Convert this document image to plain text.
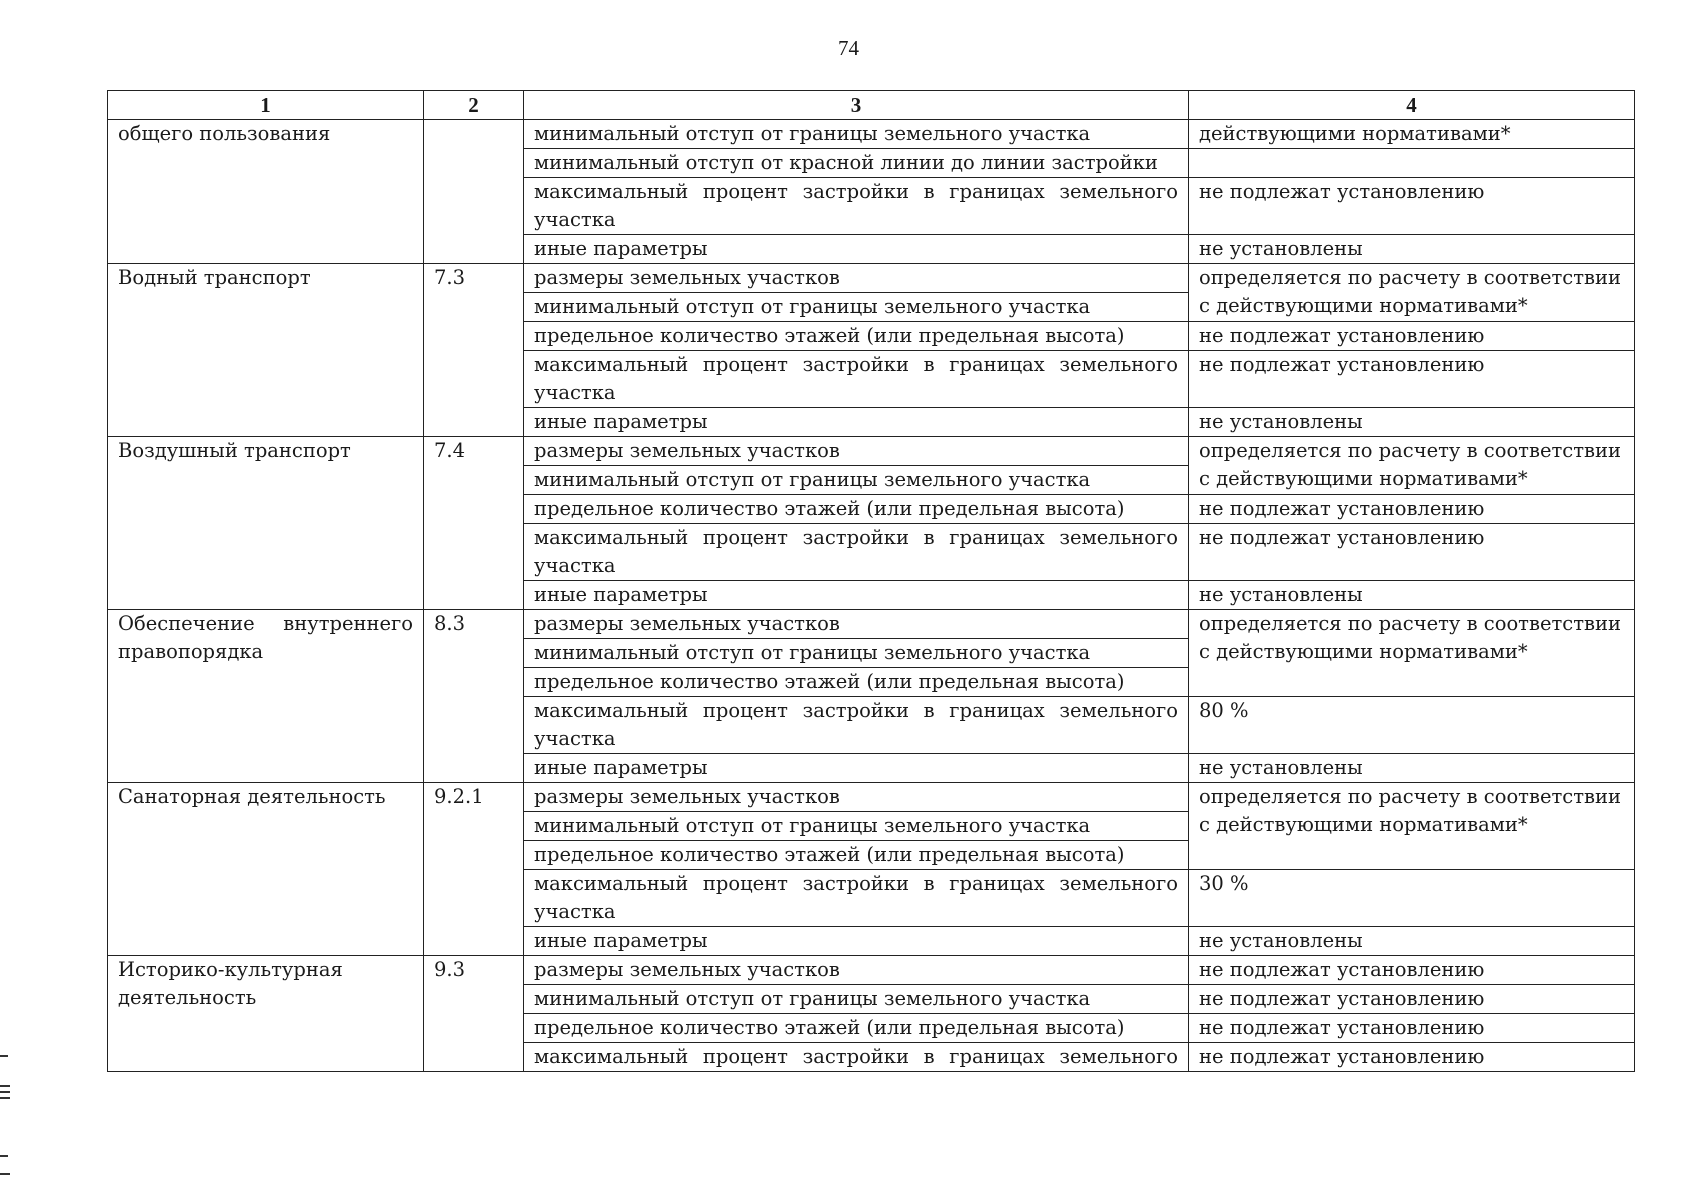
74
1	2	3	4
общего пользования		минимальный отступ от границы земельного участка	действующими нормативами*
		минимальный отступ от красной линии до линии застройки	
		максимальный процент застройки в границах земельного участка	не подлежат установлению
		иные параметры	не установлены
Водный транспорт	7.3	размеры земельных участков	определяется по расчету в соответствии с действующими нормативами*
		минимальный отступ от границы земельного участка	
		предельное количество этажей (или предельная высота)	не подлежат установлению
		максимальный процент застройки в границах земельного участка	не подлежат установлению
		иные параметры	не установлены
Воздушный транспорт	7.4	размеры земельных участков	определяется по расчету в соответствии с действующими нормативами*
		минимальный отступ от границы земельного участка	
		предельное количество этажей (или предельная высота)	не подлежат установлению
		максимальный процент застройки в границах земельного участка	не подлежат установлению
		иные параметры	не установлены
Обеспечение внутреннего правопорядка	8.3	размеры земельных участков	определяется по расчету в соответствии с действующими нормативами*
		минимальный отступ от границы земельного участка	
		предельное количество этажей (или предельная высота)	
		максимальный процент застройки в границах земельного участка	80 %
		иные параметры	не установлены
Санаторная деятельность	9.2.1	размеры земельных участков	определяется по расчету в соответствии с действующими нормативами*
		минимальный отступ от границы земельного участка	
		предельное количество этажей (или предельная высота)	
		максимальный процент застройки в границах земельного участка	30 %
		иные параметры	не установлены
Историко-культурная деятельность	9.3	размеры земельных участков	не подлежат установлению
		минимальный отступ от границы земельного участка	не подлежат установлению
		предельное количество этажей (или предельная высота)	не подлежат установлению
		максимальный процент застройки в границах земельного	не подлежат установлению
